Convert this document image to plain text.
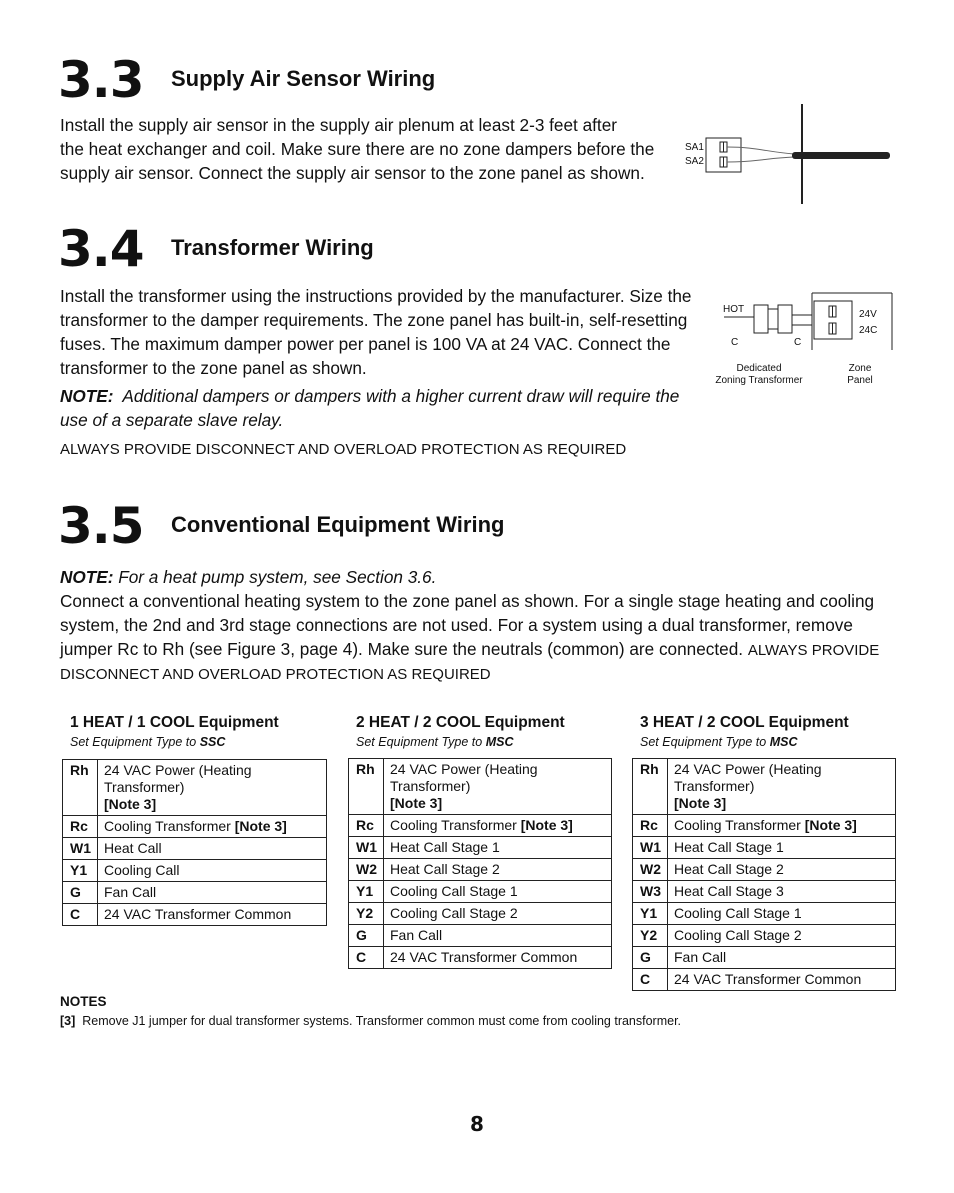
3.3 Supply Air Sensor Wiring
Install the supply air sensor in the supply air plenum at least 2-3 feet after
the heat exchanger and coil. Make sure there are no zone dampers before the
supply air sensor. Connect the supply air sensor to the zone panel as shown.
SA1
SA2
3.4 Transformer Wiring
Install the transformer using the instructions provided by the manufacturer. Size the
transformer to the damper requirements. The zone panel has built-in, self-resetting
fuses. The maximum damper power per panel is 100 VA at 24 VAC. Connect the
transformer to the zone panel as shown.
NOTE: Additional dampers or dampers with a higher current draw will require the
use of a separate slave relay.
ALWAYS PROVIDE DISCONNECT AND OVERLOAD PROTECTION AS REQUIRED
HOT
C	C
24V
24C
Dedicated
Zoning Transformer
Zone
Panel
3.5 Conventional Equipment Wiring
NOTE: For a heat pump system, see Section 3.6.
Connect a conventional heating system to the zone panel as shown. For a single stage heating and cooling
system, the 2nd and 3rd stage connections are not used. For a system using a dual transformer, remove
jumper Rc to Rh (see Figure 3, page 4). Make sure the neutrals (common) are connected. ALWAYS PROVIDE
DISCONNECT AND OVERLOAD PROTECTION AS REQUIRED
1 HEAT / 1 COOL Equipment
Set Equipment Type to SSC
Rh	24 VAC Power (Heating Transformer)
[Note 3]

Rc	Cooling Transformer [Note 3]
W1	Heat Call
Y1	Cooling Call
G	Fan Call
C	24 VAC Transformer Common
2 HEAT / 2 COOL Equipment
Set Equipment Type to MSC
Rh	24 VAC Power (Heating Transformer)
[Note 3]

Rc	Cooling Transformer [Note 3]
W1	Heat Call Stage 1
W2	Heat Call Stage 2
Y1	Cooling Call Stage 1
Y2	Cooling Call Stage 2
G	Fan Call
C	24 VAC Transformer Common
3 HEAT / 2 COOL Equipment
Set Equipment Type to MSC
Rh	24 VAC Power (Heating Transformer)
[Note 3]

Rc	Cooling Transformer [Note 3]
W1	Heat Call Stage 1
W2	Heat Call Stage 2
W3	Heat Call Stage 3
Y1	Cooling Call Stage 1
Y2	Cooling Call Stage 2
G	Fan Call
C	24 VAC Transformer Common
NOTES
[3] Remove J1 jumper for dual transformer systems. Transformer common must come from cooling transformer.
8
